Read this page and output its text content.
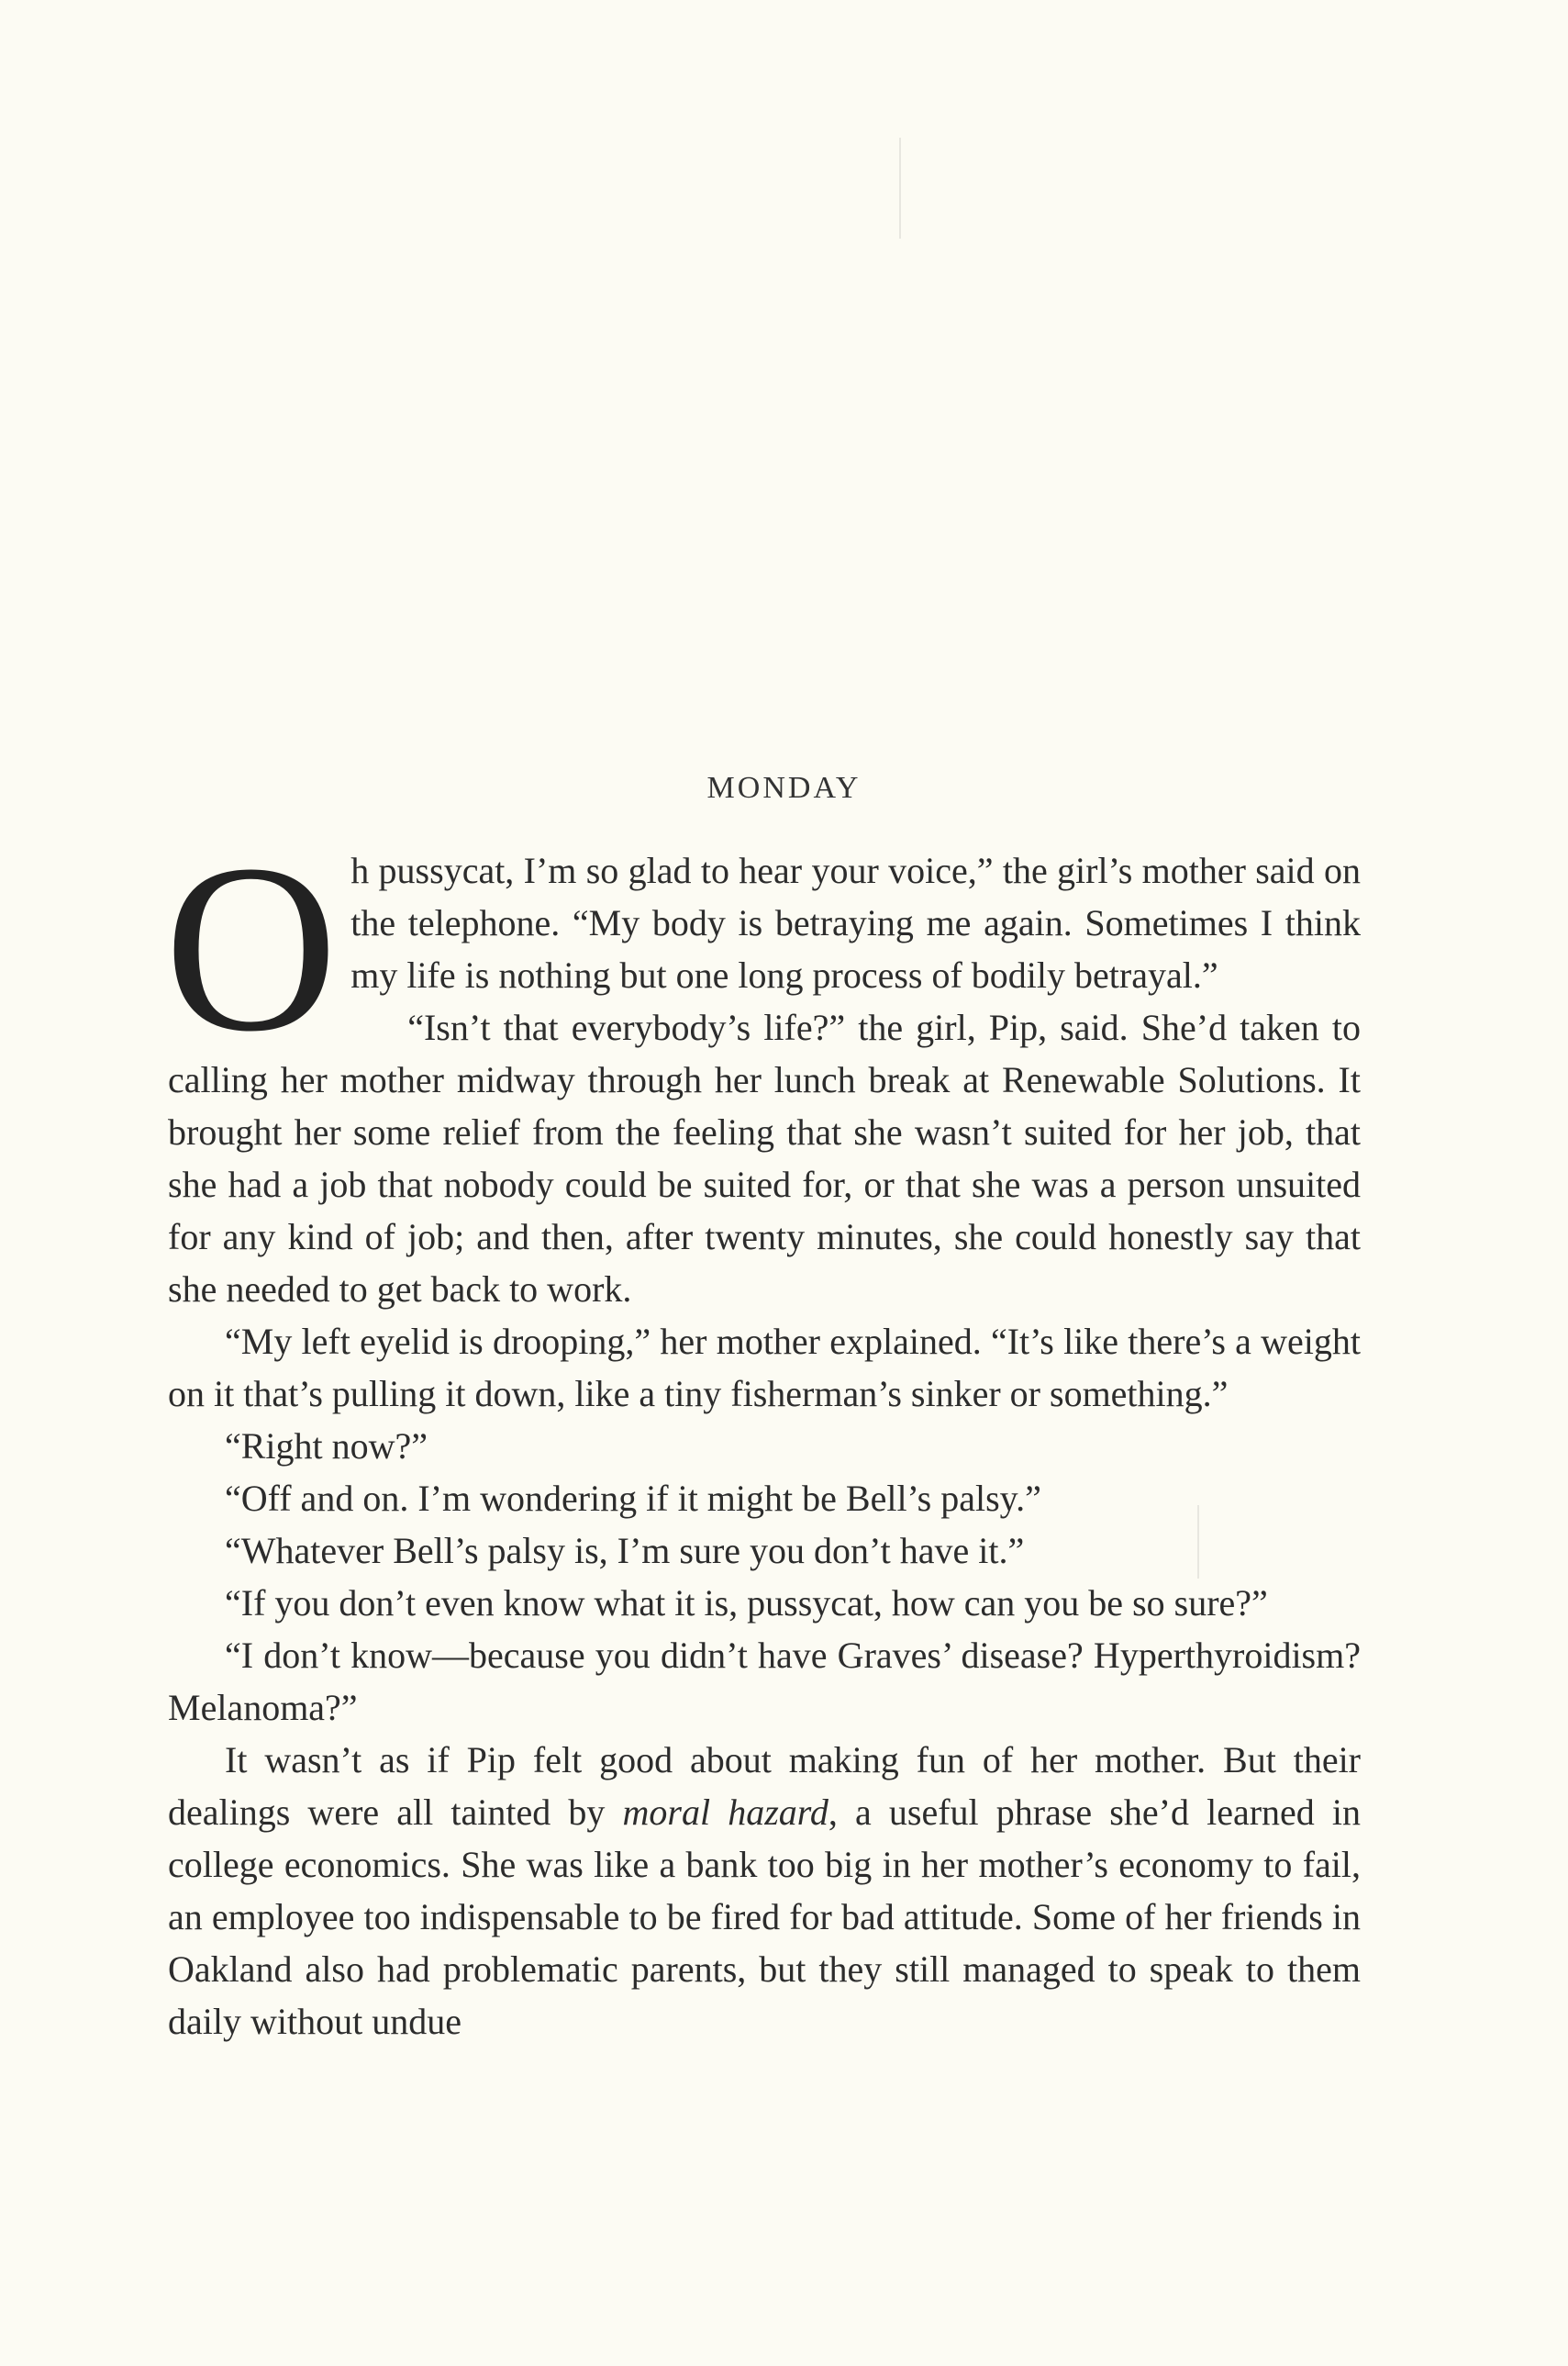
MONDAY

Oh pussycat, I’m so glad to hear your voice,” the girl’s mother said on the telephone. “My body is betraying me again. Sometimes I think my life is nothing but one long process of bodily betrayal.”

“Isn’t that everybody’s life?” the girl, Pip, said. She’d taken to calling her mother midway through her lunch break at Renewable Solutions. It brought her some relief from the feeling that she wasn’t suited for her job, that she had a job that nobody could be suited for, or that she was a person unsuited for any kind of job; and then, after twenty minutes, she could honestly say that she needed to get back to work.

“My left eyelid is drooping,” her mother explained. “It’s like there’s a weight on it that’s pulling it down, like a tiny fisherman’s sinker or something.”

“Right now?”

“Off and on. I’m wondering if it might be Bell’s palsy.”

“Whatever Bell’s palsy is, I’m sure you don’t have it.”

“If you don’t even know what it is, pussycat, how can you be so sure?”

“I don’t know—because you didn’t have Graves’ disease? Hyperthyroidism? Melanoma?”

It wasn’t as if Pip felt good about making fun of her mother. But their dealings were all tainted by moral hazard, a useful phrase she’d learned in college economics. She was like a bank too big in her mother’s economy to fail, an employee too indispensable to be fired for bad attitude. Some of her friends in Oakland also had problematic parents, but they still managed to speak to them daily without undue
